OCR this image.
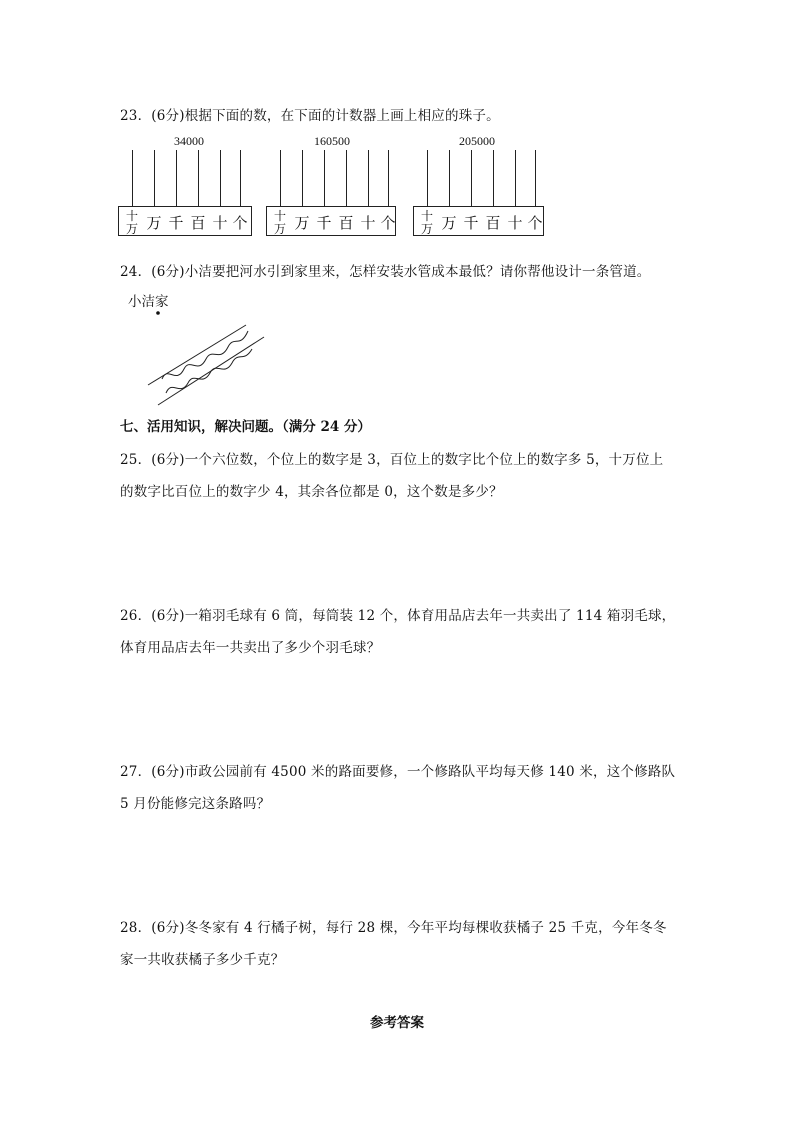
23．(6分)根据下面的数，在下面的计数器上画上相应的珠子。
34000
十万 万 千 百 十 个
160500
十万 万 千 百 十 个
205000
十万 万 千 百 十 个
24．(6分)小洁要把河水引到家里来，怎样安装水管成本最低？请你帮他设计一条管道。
小洁家
七、活用知识，解决问题。（满分 24 分）
25．(6分)一个六位数，个位上的数字是 3，百位上的数字比个位上的数字多 5，十万位上
的数字比百位上的数字少 4，其余各位都是 0，这个数是多少？
26．(6分)一箱羽毛球有 6 筒，每筒装 12 个，体育用品店去年一共卖出了 114 箱羽毛球，
体育用品店去年一共卖出了多少个羽毛球？
27．(6分)市政公园前有 4500 米的路面要修，一个修路队平均每天修 140 米，这个修路队
5 月份能修完这条路吗？
28．(6分)冬冬家有 4 行橘子树，每行 28 棵，今年平均每棵收获橘子 25 千克，今年冬冬
家一共收获橘子多少千克？
参考答案
